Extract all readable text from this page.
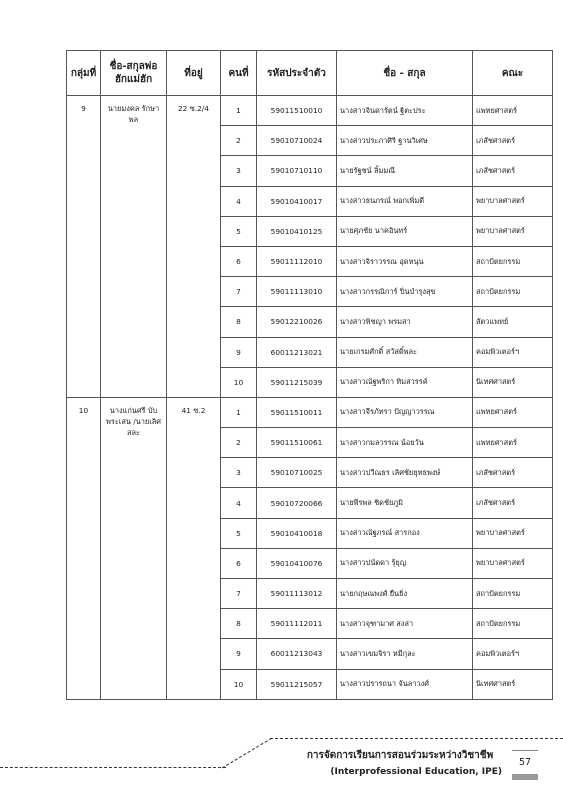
กลุ่มที่	ชื่อ-สกุลพ่อฮักแม่ฮัก	ที่อยู่	คนที่	รหัสประจำตัว	ชื่อ - สกุล	คณะ
9	นายมงคล รักษาพล	22 ซ.2/4	1	59011510010	นางสาวจินดารัตน์ ฐิตะประ	แพทยศาสตร์
			2	59010710024	นางสาวประภาศิริ ฐานวิเศษ	เภสัชศาสตร์
			3	59010710110	นายรัฐชน์ ลิ้มมณี	เภสัชศาสตร์
			4	59010410017	นางสาวธนภรณ์ พอกเพิ่มดี	พยาบาลศาสตร์
			5	59010410125	นายศุภชัย นาคอินทร์	พยาบาลศาสตร์
			6	59011112010	นางสาวจิราวรรณ อุดหนุน	สถาปัตยกรรม
			7	59011113010	นางสาวกรรณิการ์ ปิ่นบำรุงสุข	สถาปัตยกรรม
			8	59012210026	นางสาวพิชญา พรมสา	สัตวแพทย์
			9	60011213021	นายเกรมศักดิ์ สวัสดิ์พละ	คอมพิวเตอร์ฯ
			10	59011215039	นางสาวณัฐพริกา ทิมสวรรค์	นิเทศศาสตร์
10	นางแก่นศรี บับพระเสน /นายเลิศ สละ	41 ซ.2	1	59011510011	นางสาวจีรภัทรา ปัญญาวรรณ	แพทยศาสตร์
			2	59011510061	นางสาวกมลวรรณ น้อยวัน	แพทยศาสตร์
			3	59010710025	นางสาวปวีณธร เลิศชัยยุทธพงษ์	เภสัชศาสตร์
			4	59010720066	นายพีรพล ชิดชัยภูมิ	เภสัชศาสตร์
			5	59010410018	นางสาวณัฐภรณ์ สารกอง	พยาบาลศาสตร์
			6	59010410076	นางสาวปนัดดา รุ้ยุญ	พยาบาลศาสตร์
			7	59011113012	นายกฤษณพงศ์ ยืนยิ่ง	สถาปัตยกรรม
			8	59011112011	นางสาวจุฑามาศ สงล่า	สถาปัตยกรรม
			9	60011213043	นางสาวเขมจิรา หมีกุละ	คอมพิวเตอร์ฯ
			10	59011215057	นางสาวปรารถนา จันลาวงศ์	นิเทศศาสตร์
การจัดการเรียนการสอนร่วมระหว่างวิชาชีพ
(Interprofessional Education, IPE)
57
